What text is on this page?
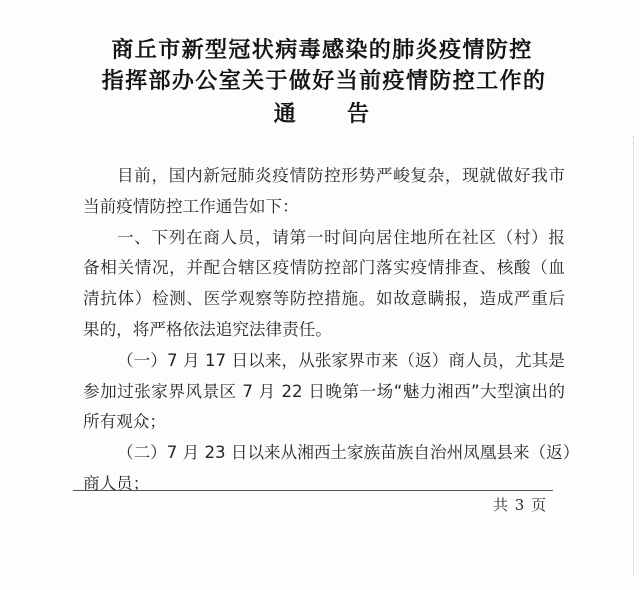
商丘市新型冠状病毒感染的肺炎疫情防控
指挥部办公室关于做好当前疫情防控工作的
通 告
目前，国内新冠肺炎疫情防控形势严峻复杂，现就做好我市
当前疫情防控工作通告如下：
一、下列在商人员，请第一时间向居住地所在社区（村）报
备相关情况，并配合辖区疫情防控部门落实疫情排查、核酸（血
清抗体）检测、医学观察等防控措施。如故意瞒报，造成严重后
果的，将严格依法追究法律责任。
（一）7 月 17 日以来，从张家界市来（返）商人员，尤其是
参加过张家界风景区 7 月 22 日晚第一场“魅力湘西”大型演出的
所有观众；
（二）7 月 23 日以来从湘西土家族苗族自治州凤凰县来（返）
商人员；
共 3 页
